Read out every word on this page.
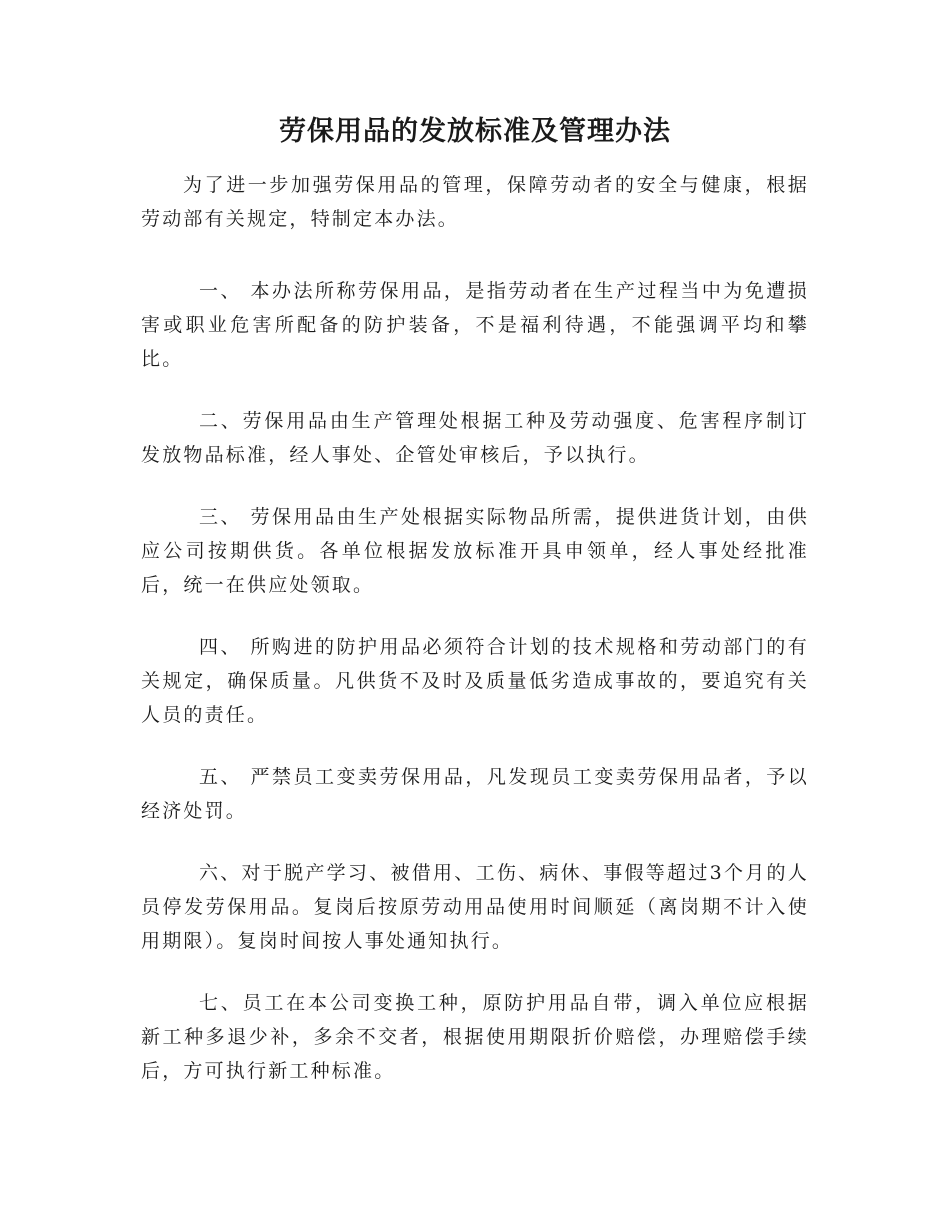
劳保用品的发放标准及管理办法

为了进一步加强劳保用品的管理，保障劳动者的安全与健康，根据劳动部有关规定，特制定本办法。

一、 本办法所称劳保用品，是指劳动者在生产过程当中为免遭损害或职业危害所配备的防护装备，不是福利待遇，不能强调平均和攀比。

二、劳保用品由生产管理处根据工种及劳动强度、危害程序制订发放物品标准，经人事处、企管处审核后，予以执行。

三、 劳保用品由生产处根据实际物品所需，提供进货计划，由供应公司按期供货。各单位根据发放标准开具申领单，经人事处经批准后，统一在供应处领取。

四、 所购进的防护用品必须符合计划的技术规格和劳动部门的有关规定，确保质量。凡供货不及时及质量低劣造成事故的，要追究有关人员的责任。

五、 严禁员工变卖劳保用品，凡发现员工变卖劳保用品者，予以经济处罚。

六、对于脱产学习、被借用、工伤、病休、事假等超过3个月的人员停发劳保用品。复岗后按原劳动用品使用时间顺延（离岗期不计入使用期限）。复岗时间按人事处通知执行。

七、员工在本公司变换工种，原防护用品自带，调入单位应根据新工种多退少补，多余不交者，根据使用期限折价赔偿，办理赔偿手续后，方可执行新工种标准。
